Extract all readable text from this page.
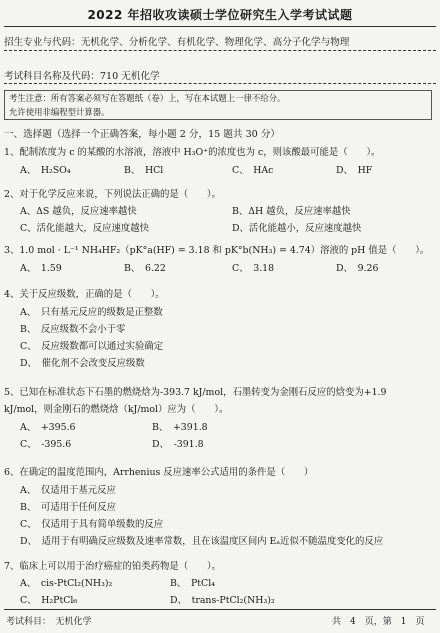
2022 年招收攻读硕士学位研究生入学考试试题
招生专业与代码：无机化学、分析化学、有机化学、物理化学、高分子化学与物理
考试科目名称及代码：710 无机化学
考生注意：所有答案必须写在答题纸（卷）上，写在本试题上一律不给分。
允许使用非编程型计算器。
一、选择题（选择一个正确答案，每小题 2 分，15 题共 30 分）
1、配制浓度为 c 的某酸的水溶液，溶液中 H₃O⁺的浓度也为 c，则该酸最可能是（　　）。
A、　H₂SO₄	B、　HCl	C、　HAc	D、　HF
2、对于化学反应来说，下列说法正确的是（　　）。
A、ΔS 越负，反应速率越快	B、ΔH 越负，反应速率越快
C、活化能越大，反应速度越快	D、活化能越小，反应速度越快
3、1.0 mol · L⁻¹ NH₄HF₂（pK°a(HF) = 3.18 和 pK°b(NH₃) = 4.74）溶液的 pH 值是（　　）。
A、　1.59	B、　6.22	C、　3.18	D、　9.26
4、关于反应级数，正确的是（　　）。
A、　只有基元反应的级数是正整数
B、　反应级数不会小于零
C、　反应级数都可以通过实验确定
D、　催化剂不会改变反应级数
5、已知在标准状态下石墨的燃烧焓为-393.7 kJ/mol，石墨转变为金刚石反应的焓变为+1.9
kJ/mol，则金刚石的燃烧焓（kJ/mol）应为（　　）。
A、　+395.6	B、　+391.8
C、　-395.6	D、　-391.8
6、在确定的温度范围内，Arrhenius 反应速率公式适用的条件是（　　）
A、　仅适用于基元反应
B、　可适用于任何反应
C、　仅适用于具有简单级数的反应
D、　适用于有明确反应级数及速率常数，且在该温度区间内 Eₐ近似不随温度变化的反应
7、临床上可以用于治疗癌症的铂类药物是（　　）。
A、　cis-PtCl₂(NH₃)₂	B、　PtCl₄
C、　H₂PtCl₆	D、　trans-PtCl₂(NH₃)₂
考试科目：　无机化学	共　4　页，第　1　页
